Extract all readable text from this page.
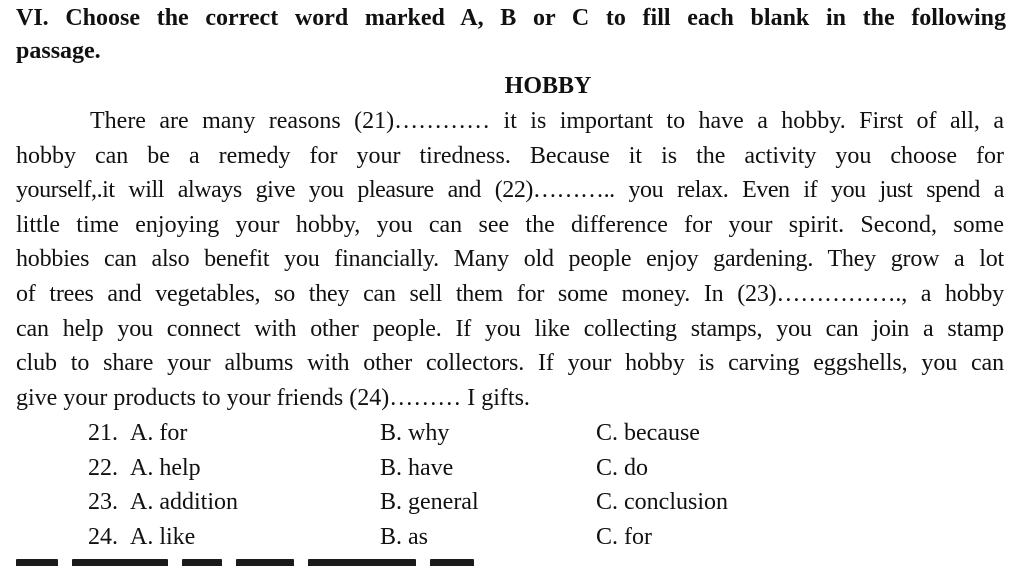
VI. Choose the correct word marked A, B or C to fill each blank in the following
passage.
HOBBY
There are many reasons (21)………… it is important to have a hobby. First of all, a
hobby can be a remedy for your tiredness. Because it is the activity you choose for
yourself,.it will always give you pleasure and (22)……….. you relax. Even if you just spend a
little time enjoying your hobby, you can see the difference for your spirit. Second, some
hobbies can also benefit you financially. Many old people enjoy gardening. They grow a lot
of trees and vegetables, so they can sell them for some money. In (23)……………., a hobby
can help you connect with other people. If you like collecting stamps, you can join a stamp
club to share your albums with other collectors. If your hobby is carving eggshells, you can
give your products to your friends (24)……… I gifts.
21. A. for	B. why	C. because
22. A. help	B. have	C. do
23. A. addition	B. general	C. conclusion
24. A. like	B. as	C. for
